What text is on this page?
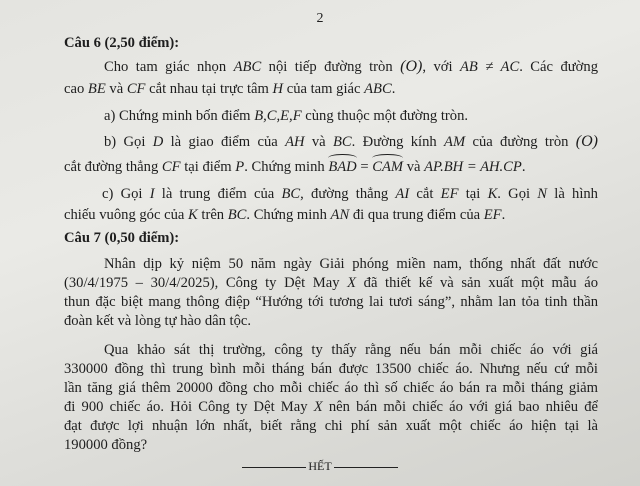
2
Câu 6 (2,50 điểm):
Cho tam giác nhọn ABC nội tiếp đường tròn (O), với AB ≠ AC. Các đường
cao BE và CF cắt nhau tại trực tâm H của tam giác ABC.
a) Chứng minh bốn điểm B,C,E,F cùng thuộc một đường tròn.
b) Gọi D là giao điểm của AH và BC. Đường kính AM của đường tròn (O)
cắt đường thẳng CF tại điểm P. Chứng minh BAD = CAM và AP.BH = AH.CP.
c) Gọi I là trung điểm của BC, đường thẳng AI cắt EF tại K. Gọi N là hình
chiếu vuông góc của K trên BC. Chứng minh AN đi qua trung điểm của EF.
Câu 7 (0,50 điểm):
Nhân dịp kỷ niệm 50 năm ngày Giải phóng miền nam, thống nhất đất nước
(30/4/1975 – 30/4/2025), Công ty Dệt May X đã thiết kế và sản xuất một mẫu áo
thun đặc biệt mang thông điệp “Hướng tới tương lai tươi sáng”, nhằm lan tỏa tinh thần
đoàn kết và lòng tự hào dân tộc.
Qua khảo sát thị trường, công ty thấy rằng nếu bán mỗi chiếc áo với giá
330000 đồng thì trung bình mỗi tháng bán được 13500 chiếc áo. Nhưng nếu cứ mỗi
lần tăng giá thêm 20000 đồng cho mỗi chiếc áo thì số chiếc áo bán ra mỗi tháng giảm
đi 900 chiếc áo. Hỏi Công ty Dệt May X nên bán mỗi chiếc áo với giá bao nhiêu để
đạt được lợi nhuận lớn nhất, biết rằng chi phí sản xuất một chiếc áo hiện tại là
190000 đồng?
HẾT
